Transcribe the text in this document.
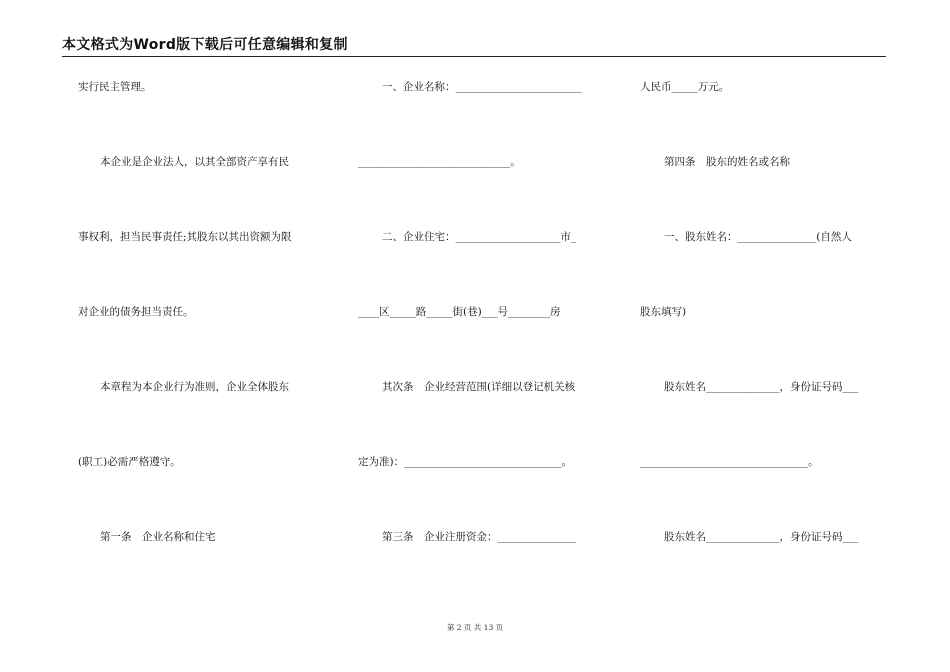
本文格式为Word版下载后可任意编辑和复制
实行民主管理。
本企业是企业法人，以其全部资产享有民
事权利，担当民事责任;其股东以其出资额为限
对企业的债务担当责任。
本章程为本企业行为准则，企业全体股东
(职工)必需严格遵守。
第一条　企业名称和住宅
一、企业名称：________________________
_____________________________。
二、企业住宅：____________________市_
____区_____路_____街(巷)___号________房
其次条　企业经营范围(详细以登记机关核
定为准)：______________________________。
第三条　企业注册资金：_______________
人民币_____万元。
第四条　股东的姓名或名称
一、股东姓名：_______________(自然人
股东填写)
股东姓名______________，身份证号码___
________________________________。
股东姓名______________，身份证号码___
第 2 页 共 13 页
